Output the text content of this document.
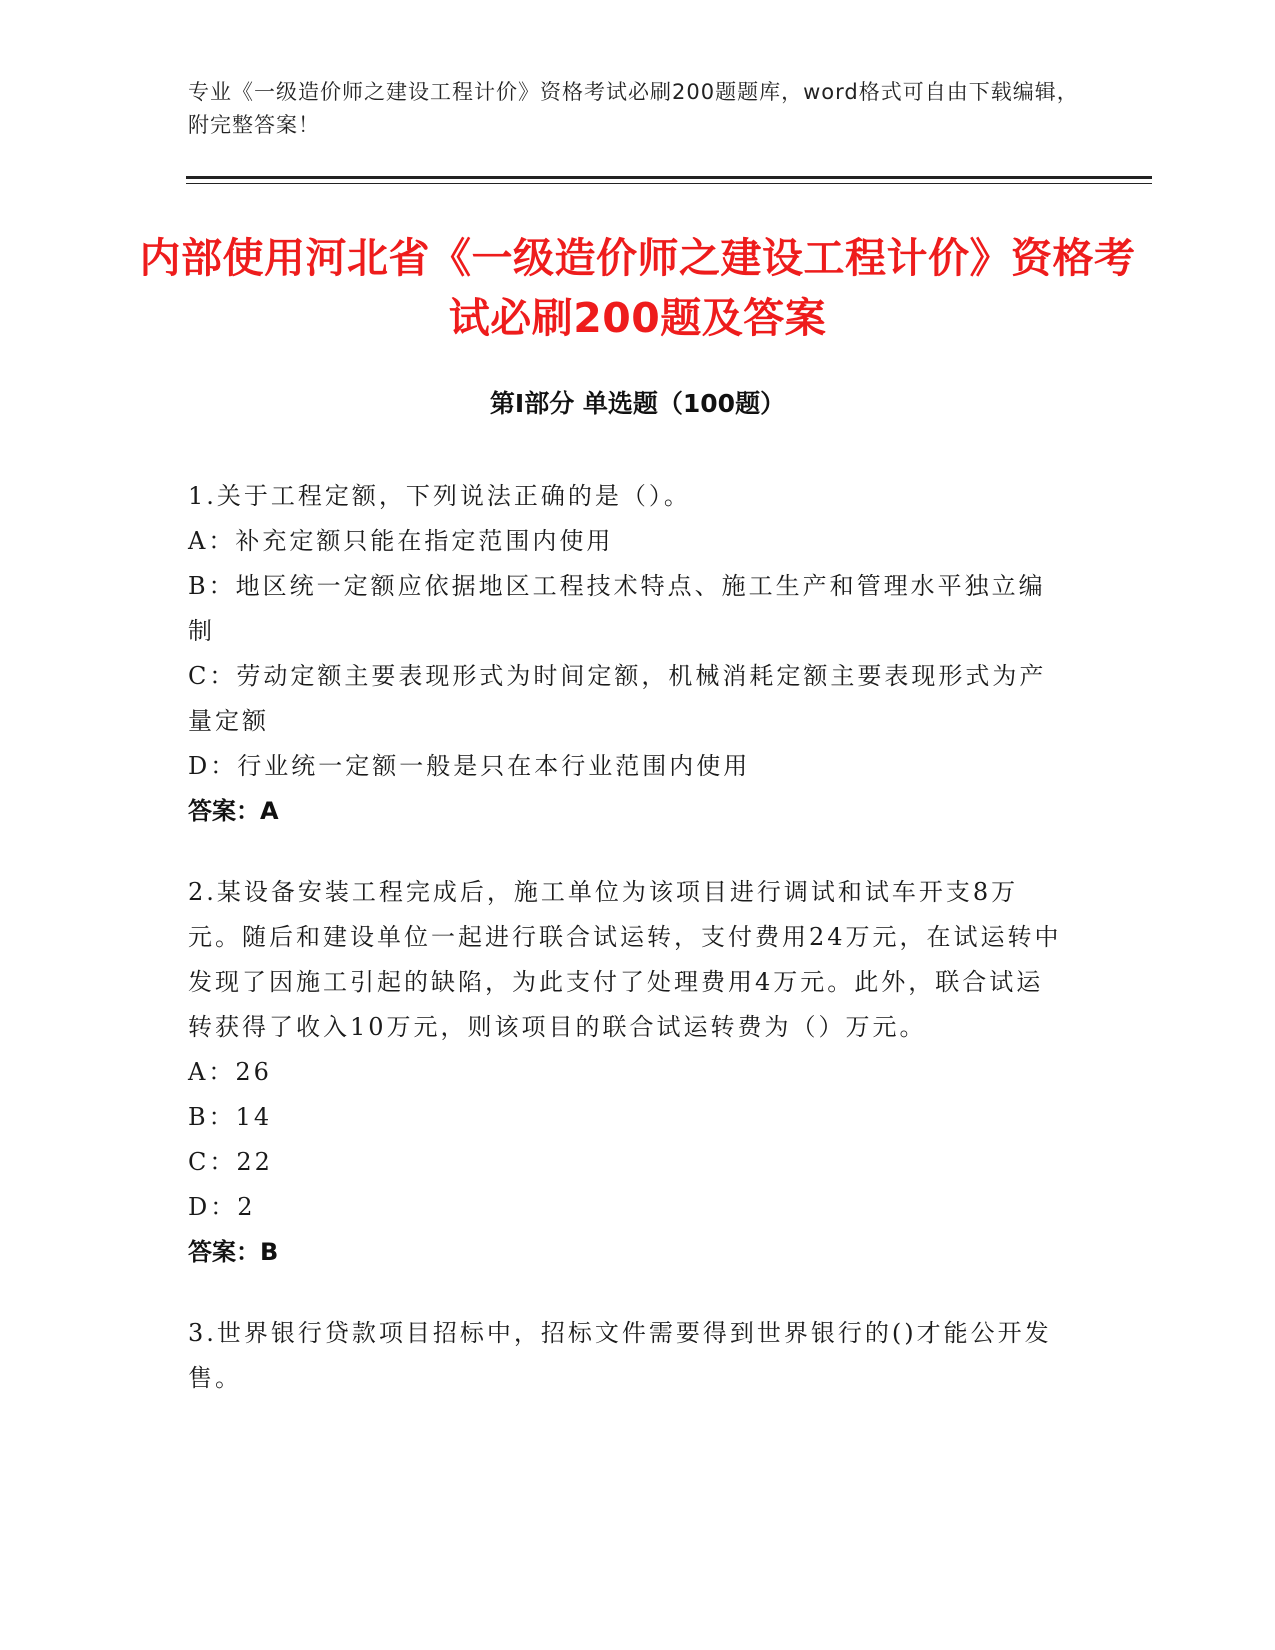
专业《一级造价师之建设工程计价》资格考试必刷200题题库，word格式可自由下载编辑，附完整答案！

内部使用河北省《一级造价师之建设工程计价》资格考试必刷200题及答案
第I部分 单选题（100题）

1.关于工程定额，下列说法正确的是（）。

A：补充定额只能在指定范围内使用

B：地区统一定额应依据地区工程技术特点、施工生产和管理水平独立编制

C：劳动定额主要表现形式为时间定额，机械消耗定额主要表现形式为产量定额

D：行业统一定额一般是只在本行业范围内使用

答案：A

2.某设备安装工程完成后，施工单位为该项目进行调试和试车开支8万元。随后和建设单位一起进行联合试运转，支付费用24万元，在试运转中发现了因施工引起的缺陷，为此支付了处理费用4万元。此外，联合试运转获得了收入10万元，则该项目的联合试运转费为（）万元。

A：26

B：14

C：22

D：2

答案：B

3.世界银行贷款项目招标中，招标文件需要得到世界银行的()才能公开发售。
